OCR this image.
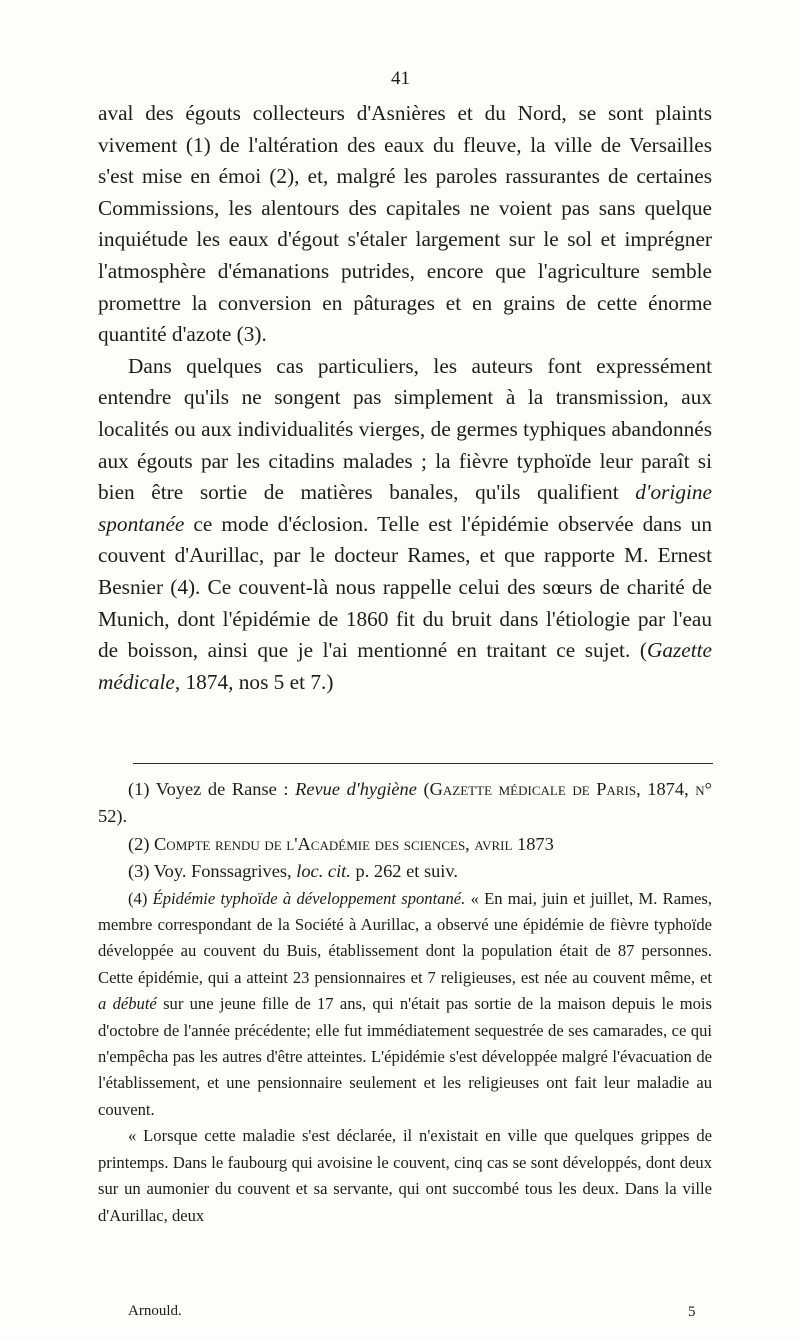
41

aval des égouts collecteurs d'Asnières et du Nord, se sont plaints vivement (1) de l'altération des eaux du fleuve, la ville de Versailles s'est mise en émoi (2), et, malgré les paroles rassurantes de certaines Commissions, les alentours des capitales ne voient pas sans quelque inquiétude les eaux d'égout s'étaler largement sur le sol et imprégner l'atmosphère d'émanations putrides, encore que l'agriculture semble promettre la conversion en pâturages et en grains de cette énorme quantité d'azote (3).

Dans quelques cas particuliers, les auteurs font expressément entendre qu'ils ne songent pas simplement à la transmission, aux localités ou aux individualités vierges, de germes typhiques abandonnés aux égouts par les citadins malades ; la fièvre typhoïde leur paraît si bien être sortie de matières banales, qu'ils qualifient d'origine spontanée ce mode d'éclosion. Telle est l'épidémie observée dans un couvent d'Aurillac, par le docteur Rames, et que rapporte M. Ernest Besnier (4). Ce couvent-là nous rappelle celui des sœurs de charité de Munich, dont l'épidémie de 1860 fit du bruit dans l'étiologie par l'eau de boisson, ainsi que je l'ai mentionné en traitant ce sujet. (Gazette médicale, 1874, nos 5 et 7.)

(1) Voyez de Ranse : Revue d'hygiène (Gazette médicale de Paris, 1874, n° 52).

(2) Compte rendu de l'Académie des sciences, avril 1873

(3) Voy. Fonssagrives, loc. cit. p. 262 et suiv.

(4) Épidémie typhoïde à développement spontané. « En mai, juin et juillet, M. Rames, membre correspondant de la Société à Aurillac, a observé une épidémie de fièvre typhoïde développée au couvent du Buis, établissement dont la population était de 87 personnes. Cette épidémie, qui a atteint 23 pensionnaires et 7 religieuses, est née au couvent même, et a débuté sur une jeune fille de 17 ans, qui n'était pas sortie de la maison depuis le mois d'octobre de l'année précédente; elle fut immédiatement sequestrée de ses camarades, ce qui n'empêcha pas les autres d'être atteintes. L'épidémie s'est développée malgré l'évacuation de l'établissement, et une pensionnaire seulement et les religieuses ont fait leur maladie au couvent.

« Lorsque cette maladie s'est déclarée, il n'existait en ville que quelques grippes de printemps. Dans le faubourg qui avoisine le couvent, cinq cas se sont développés, dont deux sur un aumonier du couvent et sa servante, qui ont succombé tous les deux. Dans la ville d'Aurillac, deux

Arnould.	5
